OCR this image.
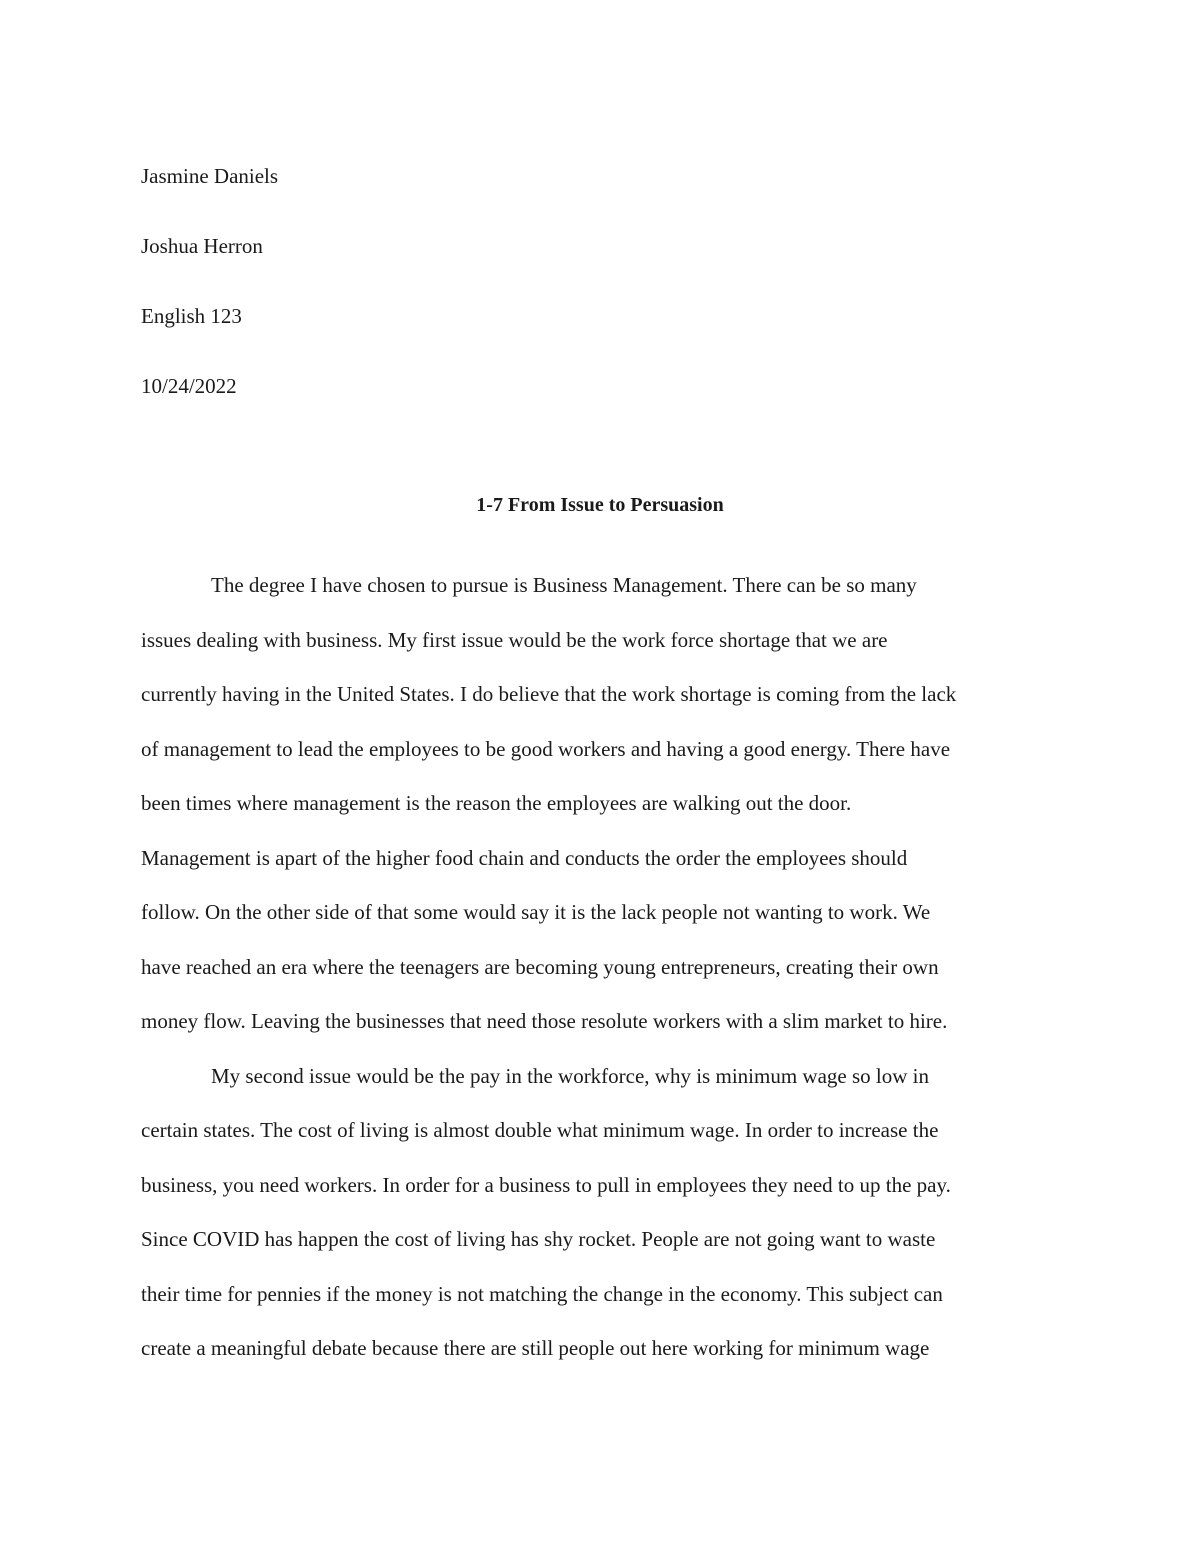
Jasmine Daniels
Joshua Herron
English 123
10/24/2022
1-7 From Issue to Persuasion
The degree I have chosen to pursue is Business Management. There can be so many
issues dealing with business. My first issue would be the work force shortage that we are
currently having in the United States. I do believe that the work shortage is coming from the lack
of management to lead the employees to be good workers and having a good energy. There have
been times where management is the reason the employees are walking out the door.
Management is apart of the higher food chain and conducts the order the employees should
follow. On the other side of that some would say it is the lack people not wanting to work. We
have reached an era where the teenagers are becoming young entrepreneurs, creating their own
money flow. Leaving the businesses that need those resolute workers with a slim market to hire.
My second issue would be the pay in the workforce, why is minimum wage so low in
certain states. The cost of living is almost double what minimum wage. In order to increase the
business, you need workers. In order for a business to pull in employees they need to up the pay.
Since COVID has happen the cost of living has shy rocket. People are not going want to waste
their time for pennies if the money is not matching the change in the economy. This subject can
create a meaningful debate because there are still people out here working for minimum wage
